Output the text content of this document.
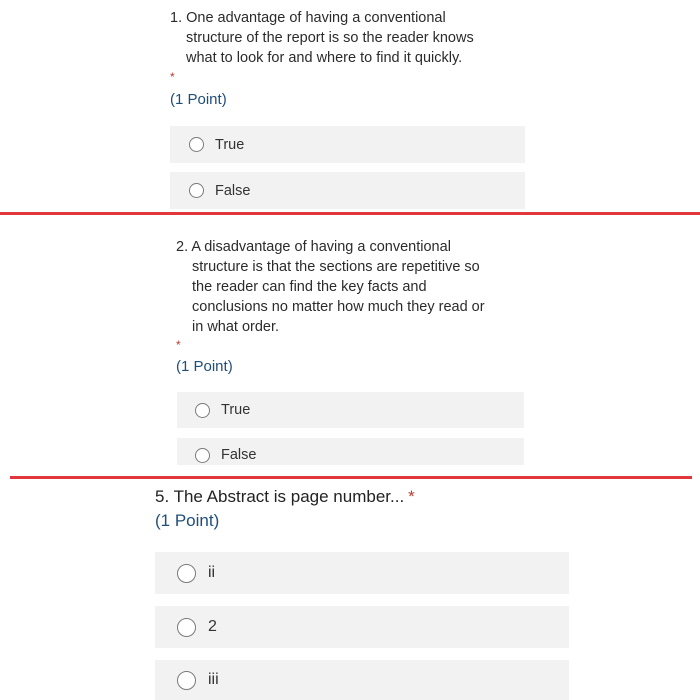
1. One advantage of having a conventional
structure of the report is so the reader knows
what to look for and where to find it quickly.
*
(1 Point)
True
False
2. A disadvantage of having a conventional
structure is that the sections are repetitive so
the reader can find the key facts and
conclusions no matter how much they read or
in what order.
*
(1 Point)
True
False
5. The Abstract is page number... *
(1 Point)
ii
2
iii
